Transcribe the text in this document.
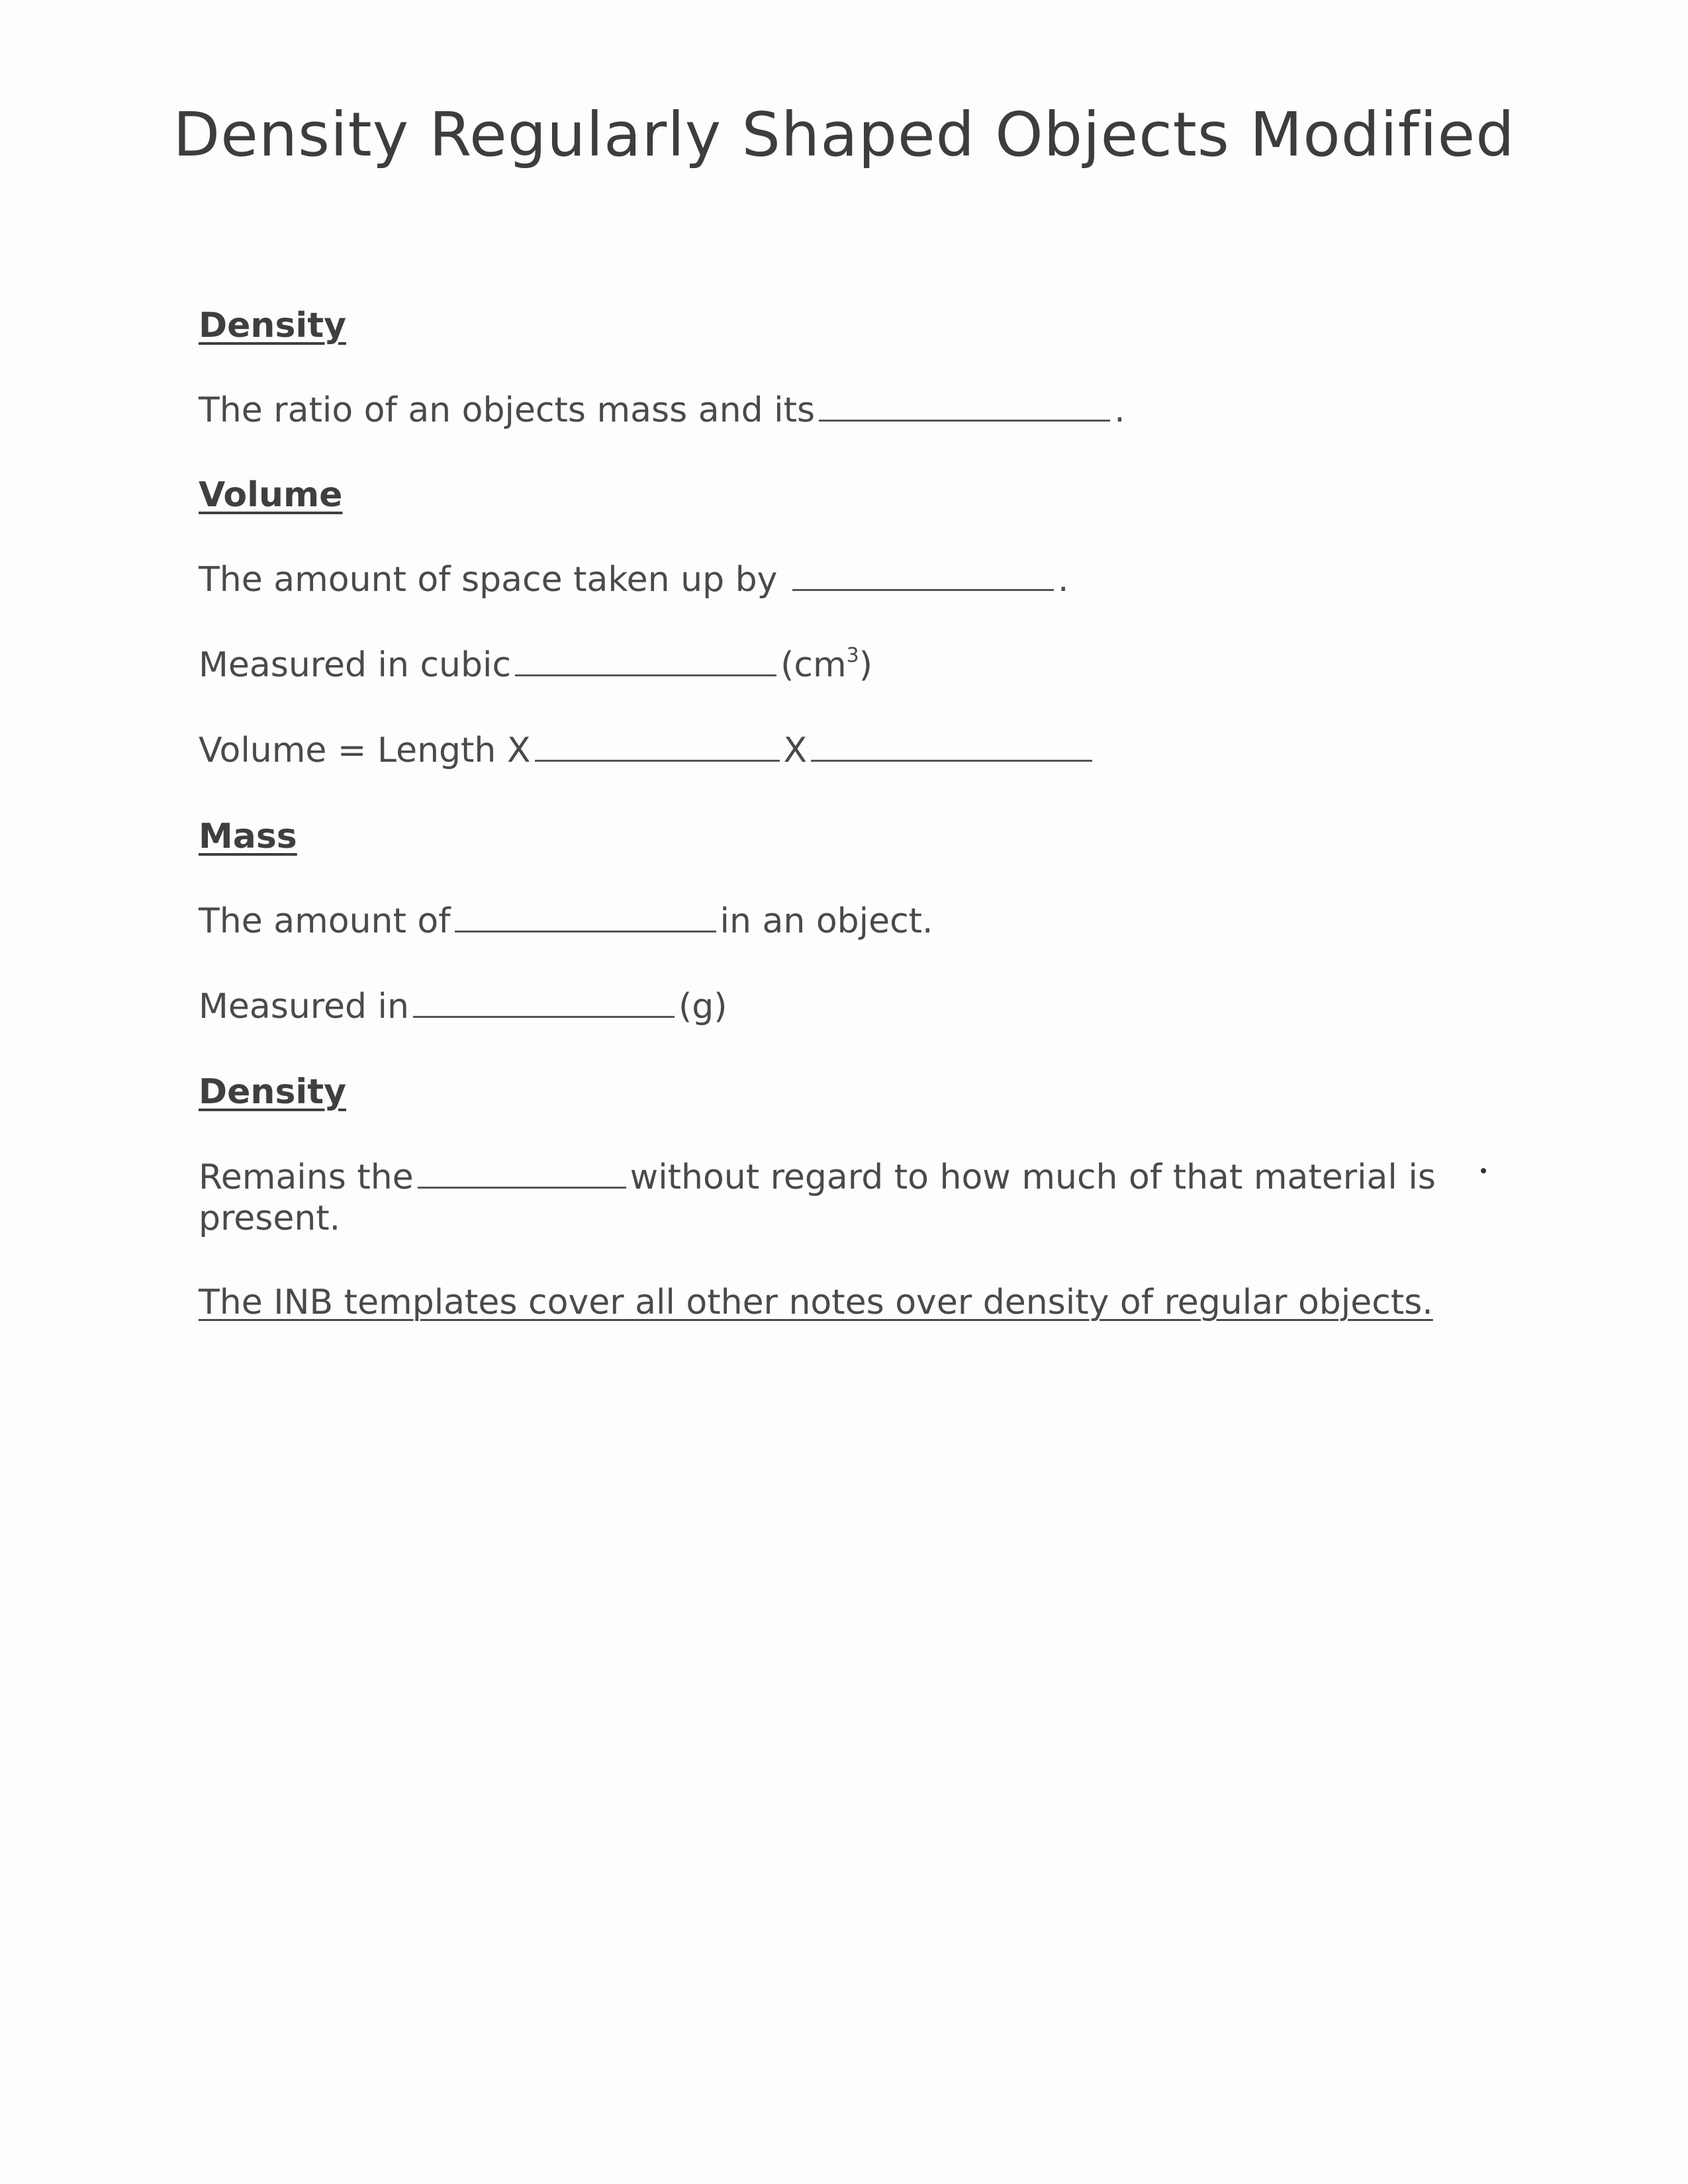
Density Regularly Shaped Objects Modified
Density
The ratio of an objects mass and its	.
Volume
The amount of space taken up by	.
Measured in cubic	$(cm^3)$
Volume = Length X	X
Mass
The amount of	in an object.
Measured in	(g)
Density
Remains the	without regard to how much of that material is
present.
The INB templates cover all other notes over density of regular objects.
